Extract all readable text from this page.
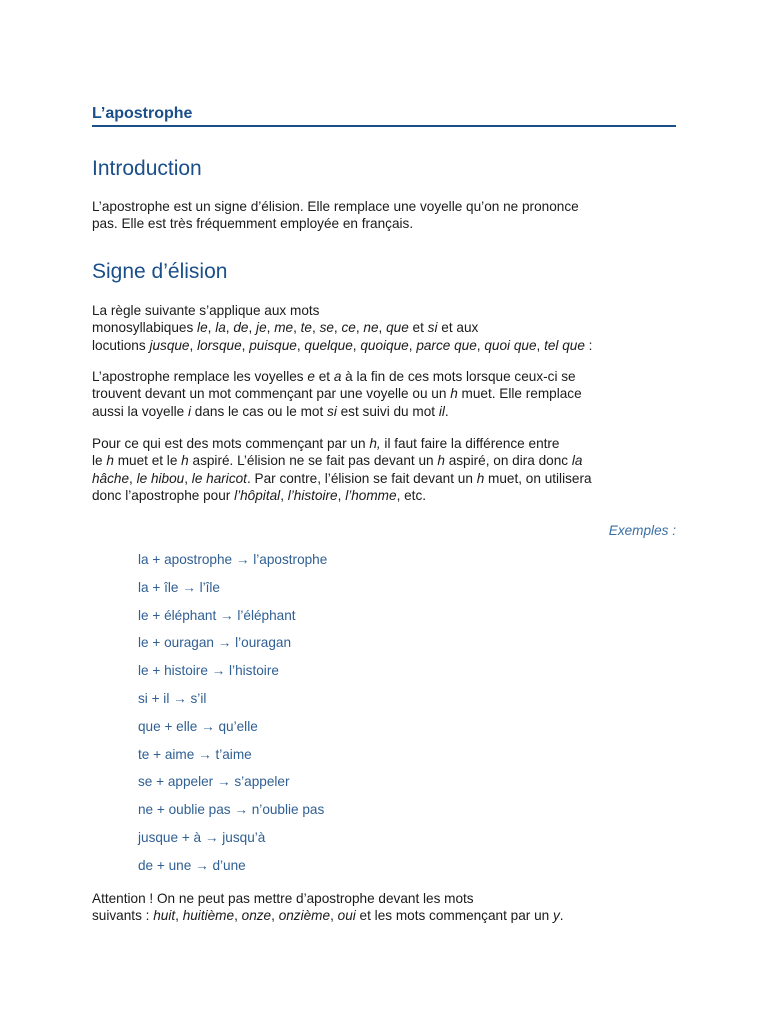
L’apostrophe
Introduction

L’apostrophe est un signe d’élision. Elle remplace une voyelle qu’on ne prononce
pas. Elle est très fréquemment employée en français.

Signe d’élision

La règle suivante s’applique aux mots
monosyllabiques le, la, de, je, me, te, se, ce, ne, que et si et aux
locutions jusque, lorsque, puisque, quelque, quoique, parce que, quoi que, tel que :

L’apostrophe remplace les voyelles e et a à la fin de ces mots lorsque ceux-ci se
trouvent devant un mot commençant par une voyelle ou un h muet. Elle remplace
aussi la voyelle i dans le cas ou le mot si est suivi du mot il.

Pour ce qui est des mots commençant par un h, il faut faire la différence entre
le h muet et le h aspiré. L’élision ne se fait pas devant un h aspiré, on dira donc la
hâche, le hibou, le haricot. Par contre, l’élision se fait devant un h muet, on utilisera
donc l’apostrophe pour l’hôpital, l’histoire, l’homme, etc.

Exemples :
la + apostrophe → l’apostrophe
la + île → l’île
le + éléphant → l’éléphant
le + ouragan → l’ouragan
le + histoire → l’histoire
si + il → s’il
que + elle → qu’elle
te + aime → t’aime
se + appeler → s’appeler
ne + oublie pas → n’oublie pas
jusque + à → jusqu’à
de + une → d’une

Attention ! On ne peut pas mettre d’apostrophe devant les mots
suivants : huit, huitième, onze, onzième, oui et les mots commençant par un y.
